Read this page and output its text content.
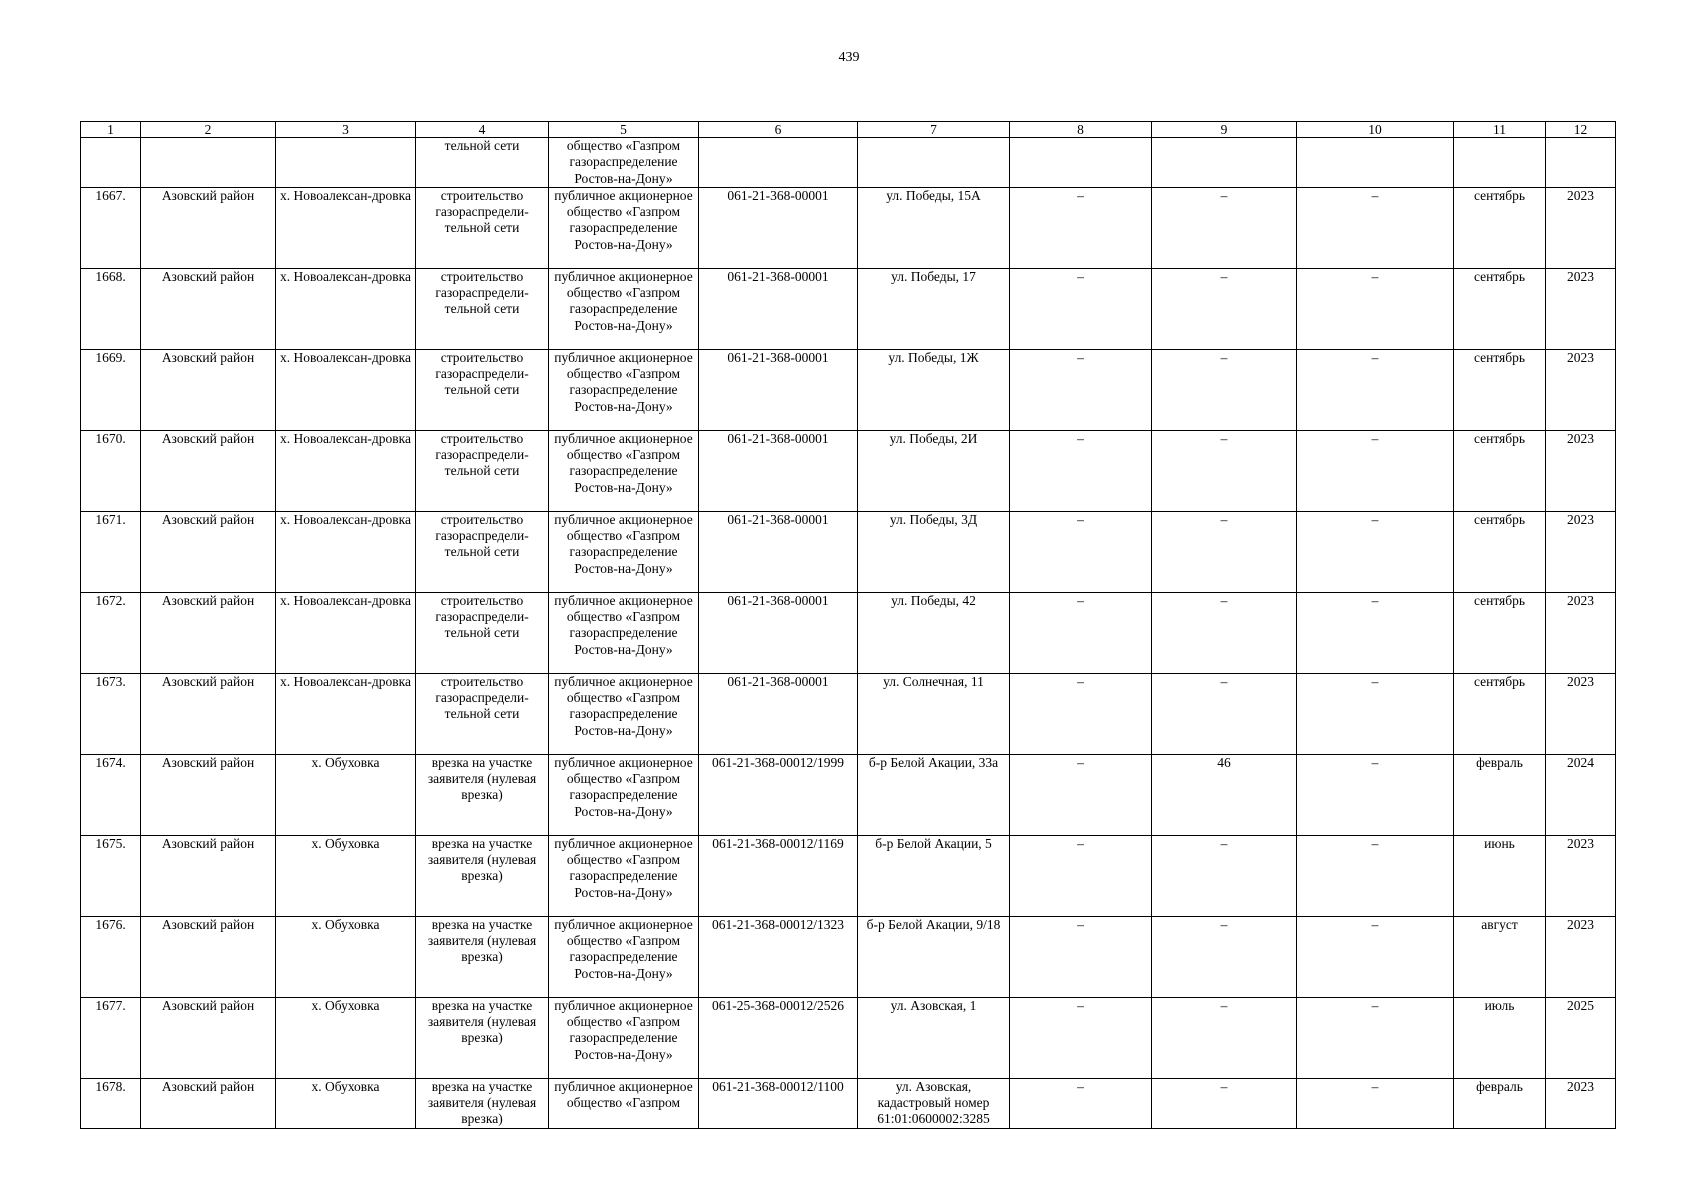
439
1	2	3	4	5	6	7	8	9	10	11	12
			тельной сети	общество «Газпром газораспределение Ростов-на-Дону»							
1667.	Азовский район	х. Новоалексан-дровка	строительство газораспредели-тельной сети	публичное акционерное общество «Газпром газораспределение Ростов-на-Дону»	061-21-368-00001	ул. Победы, 15А	–	–	–	сентябрь	2023
1668.	Азовский район	х. Новоалексан-дровка	строительство газораспредели-тельной сети	публичное акционерное общество «Газпром газораспределение Ростов-на-Дону»	061-21-368-00001	ул. Победы, 17	–	–	–	сентябрь	2023
1669.	Азовский район	х. Новоалексан-дровка	строительство газораспредели-тельной сети	публичное акционерное общество «Газпром газораспределение Ростов-на-Дону»	061-21-368-00001	ул. Победы, 1Ж	–	–	–	сентябрь	2023
1670.	Азовский район	х. Новоалексан-дровка	строительство газораспредели-тельной сети	публичное акционерное общество «Газпром газораспределение Ростов-на-Дону»	061-21-368-00001	ул. Победы, 2И	–	–	–	сентябрь	2023
1671.	Азовский район	х. Новоалексан-дровка	строительство газораспредели-тельной сети	публичное акционерное общество «Газпром газораспределение Ростов-на-Дону»	061-21-368-00001	ул. Победы, 3Д	–	–	–	сентябрь	2023
1672.	Азовский район	х. Новоалексан-дровка	строительство газораспредели-тельной сети	публичное акционерное общество «Газпром газораспределение Ростов-на-Дону»	061-21-368-00001	ул. Победы, 42	–	–	–	сентябрь	2023
1673.	Азовский район	х. Новоалексан-дровка	строительство газораспредели-тельной сети	публичное акционерное общество «Газпром газораспределение Ростов-на-Дону»	061-21-368-00001	ул. Солнечная, 11	–	–	–	сентябрь	2023
1674.	Азовский район	х. Обуховка	врезка на участке заявителя (нулевая врезка)	публичное акционерное общество «Газпром газораспределение Ростов-на-Дону»	061-21-368-00012/1999	б-р Белой Акации, 33а	–	46	–	февраль	2024
1675.	Азовский район	х. Обуховка	врезка на участке заявителя (нулевая врезка)	публичное акционерное общество «Газпром газораспределение Ростов-на-Дону»	061-21-368-00012/1169	б-р Белой Акации, 5	–	–	–	июнь	2023
1676.	Азовский район	х. Обуховка	врезка на участке заявителя (нулевая врезка)	публичное акционерное общество «Газпром газораспределение Ростов-на-Дону»	061-21-368-00012/1323	б-р Белой Акации, 9/18	–	–	–	август	2023
1677.	Азовский район	х. Обуховка	врезка на участке заявителя (нулевая врезка)	публичное акционерное общество «Газпром газораспределение Ростов-на-Дону»	061-25-368-00012/2526	ул. Азовская, 1	–	–	–	июль	2025
1678.	Азовский район	х. Обуховка	врезка на участке заявителя (нулевая врезка)	публичное акционерное общество «Газпром	061-21-368-00012/1100	ул. Азовская, кадастровый номер 61:01:0600002:3285	–	–	–	февраль	2023
